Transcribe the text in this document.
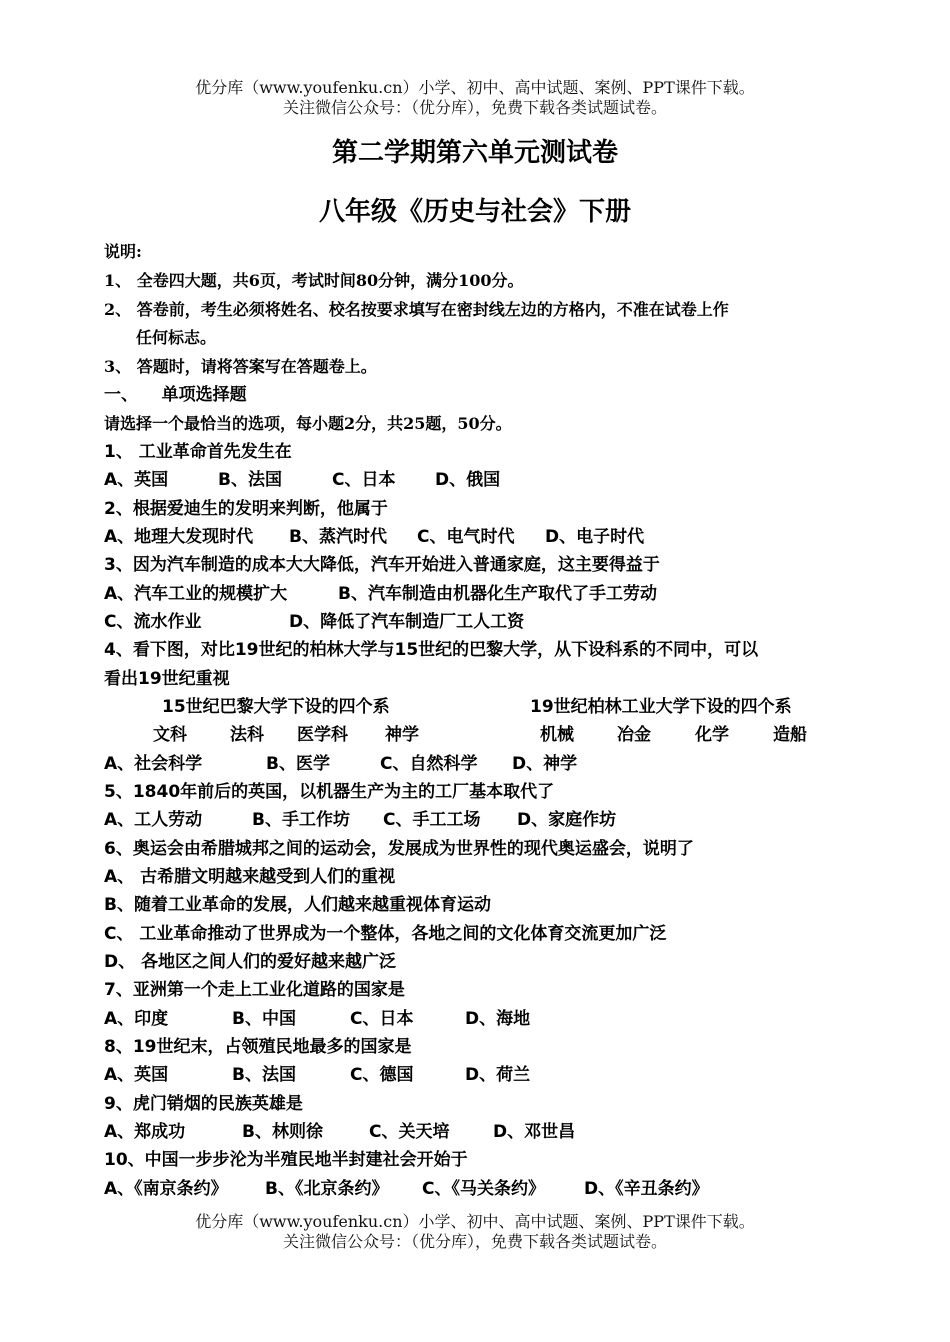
优分库（www.youfenku.cn）小学、初中、高中试题、案例、PPT课件下载。
关注微信公众号：（优分库），免费下载各类试题试卷。
第二学期第六单元测试卷
八年级《历史与社会》下册
说明:
1、 全卷四大题，共6页，考试时间80分钟，满分100分。
2、 答卷前，考生必须将姓名、校名按要求填写在密封线左边的方格内，不准在试卷上作
任何标志。
3、 答题时，请将答案写在答题卷上。
一、    单项选择题
请选择一个最恰当的选项，每小题2分，共25题，50分。
1、 工业革命首先发生在
A、英国	B、法国	C、日本 D、俄国
2、根据爱迪生的发明来判断，他属于
A、地理大发现时代 B、蒸汽时代 C、电气时代 D、电子时代
3、因为汽车制造的成本大大降低，汽车开始进入普通家庭，这主要得益于
A、汽车工业的规模扩大	B、汽车制造由机器化生产取代了手工劳动
C、流水作业	D、降低了汽车制造厂工人工资
4、看下图，对比19世纪的柏林大学与15世纪的巴黎大学，从下设科系的不同中，可以
看出19世纪重视
15世纪巴黎大学下设的四个系	19世纪柏林工业大学下设的四个系
文科	法科 医学科 神学	机械	冶金	化学	造船
A、社会科学	B、医学	C、自然科学 D、神学
5、1840年前后的英国，以机器生产为主的工厂基本取代了
A、工人劳动	B、手工作坊 C、手工工场 D、家庭作坊
6、奥运会由希腊城邦之间的运动会，发展成为世界性的现代奥运盛会，说明了
A、 古希腊文明越来越受到人们的重视
B、随着工业革命的发展，人们越来越重视体育运动
C、 工业革命推动了世界成为一个整体，各地之间的文化体育交流更加广泛
D、 各地区之间人们的爱好越来越广泛
7、亚洲第一个走上工业化道路的国家是
A、印度	B、中国	C、日本	D、海地
8、19世纪末，占领殖民地最多的国家是
A、英国	B、法国	C、德国	D、荷兰
9、虎门销烟的民族英雄是
A、郑成功	B、林则徐	C、关天培	D、邓世昌
10、中国一步步沦为半殖民地半封建社会开始于
A、《南京条约》 B、《北京条约》 C、《马关条约》 D、《辛丑条约》
优分库（www.youfenku.cn）小学、初中、高中试题、案例、PPT课件下载。
关注微信公众号：（优分库），免费下载各类试题试卷。
